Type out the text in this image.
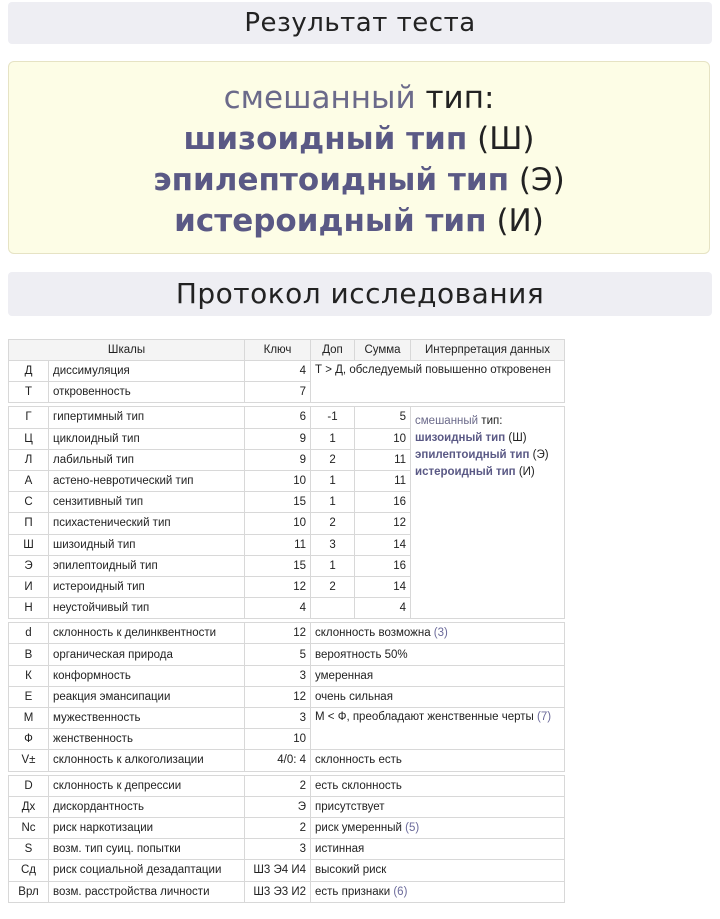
Результат теста
смешанный тип:
шизоидный тип (Ш)
эпилептоидный тип (Э)
истероидный тип (И)
Протокол исследования
Шкалы		Ключ	Доп	Сумма	Интерпретация данных
Д	диссимуляция	4	Т > Д, обследуемый повышенно откровенен		
Т	откровенность	7			

Г	гипертимный тип	6	-1	5	смешанный тип:
шизоидный тип (Ш)
эпилептоидный тип (Э)
истероидный тип (И)
Ц	циклоидный тип	9	1	10	
Л	лабильный тип	9	2	11	
А	астено-невротический тип	10	1	11	
С	сензитивный тип	15	1	16	
П	психастенический тип	10	2	12	
Ш	шизоидный тип	11	3	14	
Э	эпилептоидный тип	15	1	16	
И	истероидный тип	12	2	14	
Н	неустойчивый тип	4		4	

d	склонность к делинквентности	12	склонность возможна (3)		
В	органическая природа	5	вероятность 50%		
К	конформность	3	умеренная		
Е	реакция эмансипации	12	очень сильная		
М	мужественность	3	М < Ф, преобладают женственные черты (7)		
Ф	женственность	10			
V±	склонность к алкоголизации	4/0: 4	склонность есть		

D	склонность к депрессии	2	есть склонность		
Дх	дискордантность	Э	присутствует		
Nc	риск наркотизации	2	риск умеренный (5)		
S	возм. тип суиц. попытки	3	истинная		
Сд	риск социальной дезадаптации	Ш3 Э4 И4	высокий риск		
Врл	возм. расстройства личности	Ш3 Э3 И2	есть признаки (6)		
